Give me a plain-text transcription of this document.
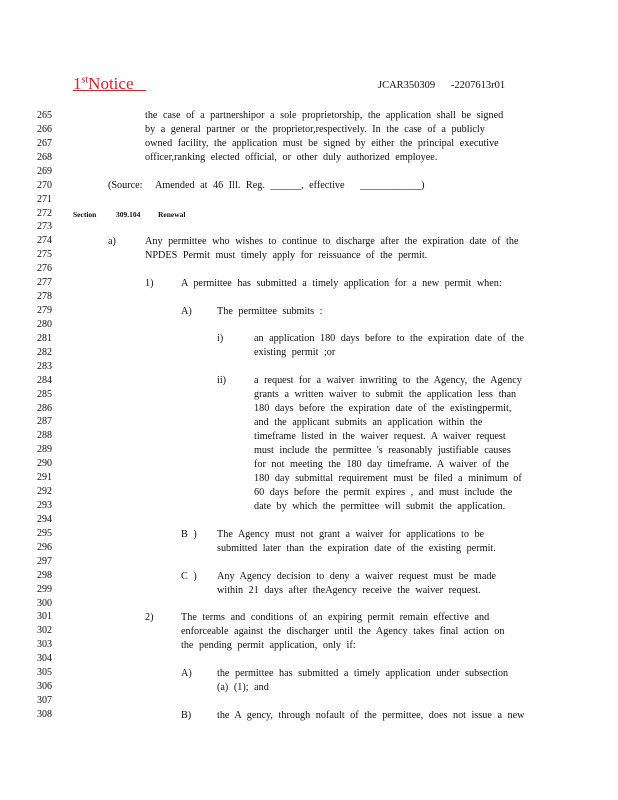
1stNotice	JCAR350309      -2207613r01
265
266
267
268
269
270
271
272
273
274
275
276
277
278
279
280
281
282
283
284
285
286
287
288
289
290
291
292
293
294
295
296
297
298
299
300
301
302
303
304
305
306
307
308
the case of a partnershipor a sole proprietorship, the application shall be signed
by a general partner or the proprietor,respectively. In the case of a publicly
owned facility, the application must be signed by either the principal executive
officer,ranking elected official, or other duly authorized employee.
(Source: Amended at 46 Ill. Reg. ______, effective ____________)
Section	309.104 Renewal
a)	Any permittee who wishes to continue to discharge after the expiration date of the
NPDES Permit must timely apply for reissuance of the permit.
1)	A permittee has submitted a timely application for a new permit when:
A) The permittee submits :
i)	an application 180 days before to the expiration date of the
existing permit ;or
ii)	a request for a waiver inwriting to the Agency, the Agency
grants a written waiver to submit the application less than
180 days before the expiration date of the existingpermit,
and the applicant submits an application within the
timeframe listed in the waiver request. A waiver request
must include the permittee 's reasonably justifiable causes
for not meeting the 180 day timeframe. A waiver of the
180 day submittal requirement must be filed a minimum of
60 days before the permit expires , and must include the
date by which the permittee will submit the application.
B ) The Agency must not grant a waiver for applications to be
submitted later than the expiration date of the existing permit.
C ) Any Agency decision to deny a waiver request must be made
within 21 days after theAgency receive the waiver request.
2)	The terms and conditions of an expiring permit remain effective and
enforceable against the discharger until the Agency takes final action on
the pending permit application, only if:
A) the permittee has submitted a timely application under subsection
(a) (1); and
B)	the A gency, through nofault of the permittee, does not issue a new
